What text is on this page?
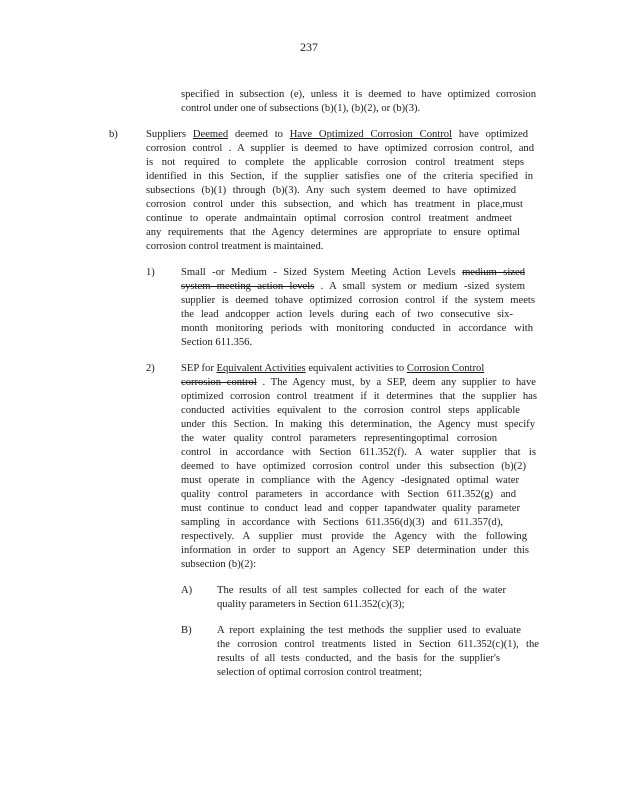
237
specified in subsection (e), unless it is deemed to have optimized corrosion
control under one of subsections (b)(1), (b)(2), or (b)(3).
b)	Suppliers Deemed deemed to Have Optimized Corrosion Control have optimized
corrosion control . A supplier is deemed to have optimized corrosion control, and
is not required to complete the applicable corrosion control treatment steps
identified in this Section, if the supplier satisfies one of the criteria specified in
subsections (b)(1) through (b)(3). Any such system deemed to have optimized
corrosion control under this subsection, and which has treatment in place,must
continue to operate andmaintain optimal corrosion control treatment andmeet
any requirements that the Agency determines are appropriate to ensure optimal
corrosion control treatment is maintained.
1) Small -or Medium - Sized System Meeting Action Levels medium sized
system meeting action levels . A small system or medium -sized system
supplier is deemed tohave optimized corrosion control if the system meets
the lead andcopper action levels during each of two consecutive six-
month monitoring periods with monitoring conducted in accordance with
Section 611.356.
2) SEP for Equivalent Activities equivalent activities to Corrosion Control
corrosion control . The Agency must, by a SEP, deem any supplier to have
optimized corrosion control treatment if it determines that the supplier has
conducted activities equivalent to the corrosion control steps applicable
under this Section. In making this determination, the Agency must specify
the water quality control parameters representingoptimal corrosion
control in accordance with Section 611.352(f). A water supplier that is
deemed to have optimized corrosion control under this subsection (b)(2)
must operate in compliance with the Agency -designated optimal water
quality control parameters in accordance with Section 611.352(g) and
must continue to conduct lead and copper tapandwater quality parameter
sampling in accordance with Sections 611.356(d)(3) and 611.357(d),
respectively. A supplier must provide the Agency with the following
information in order to support an Agency SEP determination under this
subsection (b)(2):
A) The results of all test samples collected for each of the water
quality parameters in Section 611.352(c)(3);
B) A report explaining the test methods the supplier used to evaluate
the corrosion control treatments listed in Section 611.352(c)(1), the
results of all tests conducted, and the basis for the supplier's
selection of optimal corrosion control treatment;
